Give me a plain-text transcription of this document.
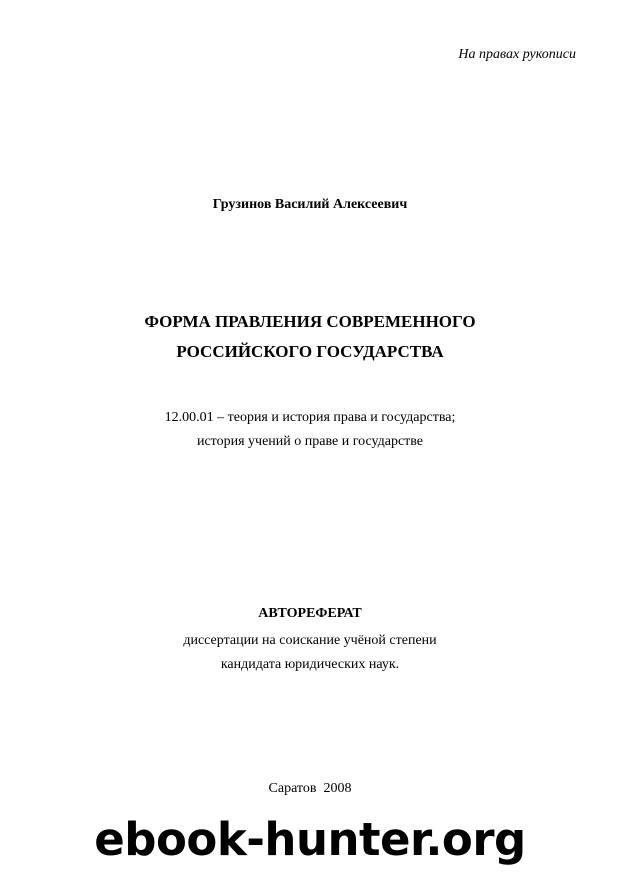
На правах рукописи
Грузинов Василий Алексеевич
ФОРМА ПРАВЛЕНИЯ СОВРЕМЕННОГО
РОССИЙСКОГО ГОСУДАРСТВА
12.00.01 – теория и история права и государства;
история учений о праве и государстве
АВТОРЕФЕРАТ
диссертации на соискание учёной степени
кандидата юридических наук.
Саратов  2008
ebook-hunter.org
